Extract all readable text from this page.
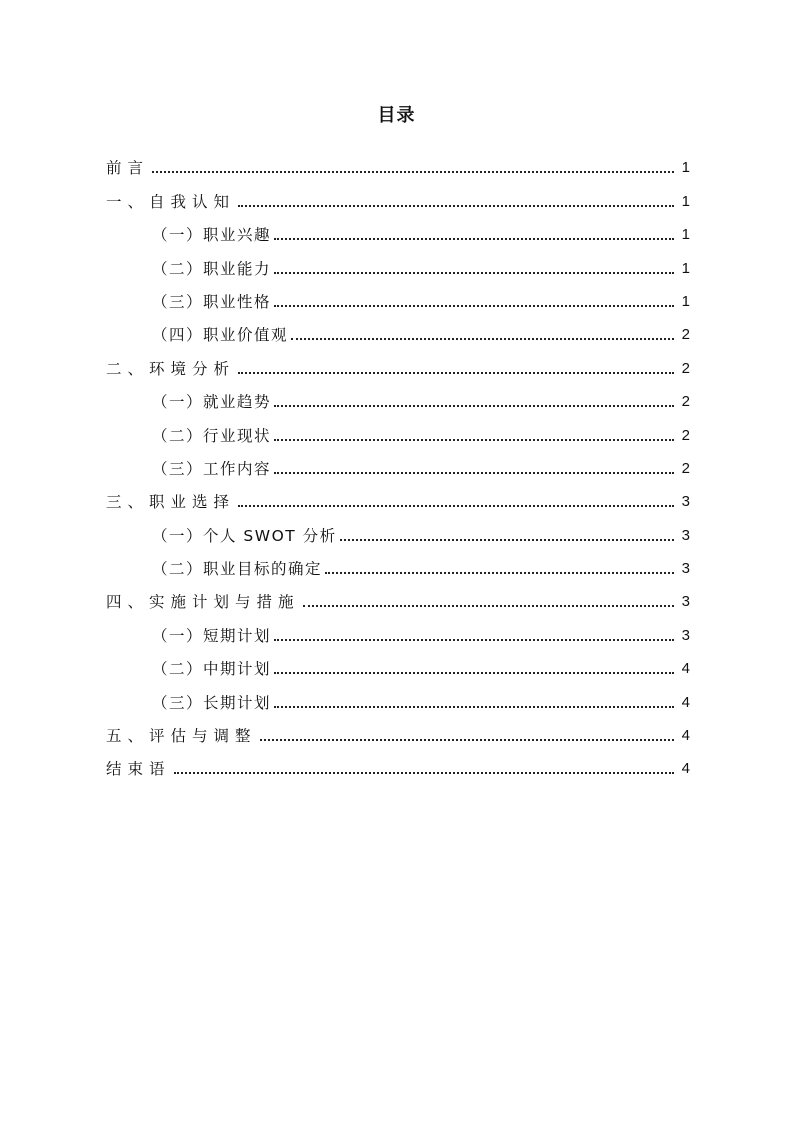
目录
前言	1
一、自我认知	1
（一）职业兴趣	1
（二）职业能力	1
（三）职业性格	1
（四）职业价值观	2
二、环境分析	2
（一）就业趋势	2
（二）行业现状	2
（三）工作内容	2
三、职业选择	3
（一）个人 SWOT 分析	3
（二）职业目标的确定	3
四、实施计划与措施	3
（一）短期计划	3
（二）中期计划	4
（三）长期计划	4
五、评估与调整	4
结束语	4
